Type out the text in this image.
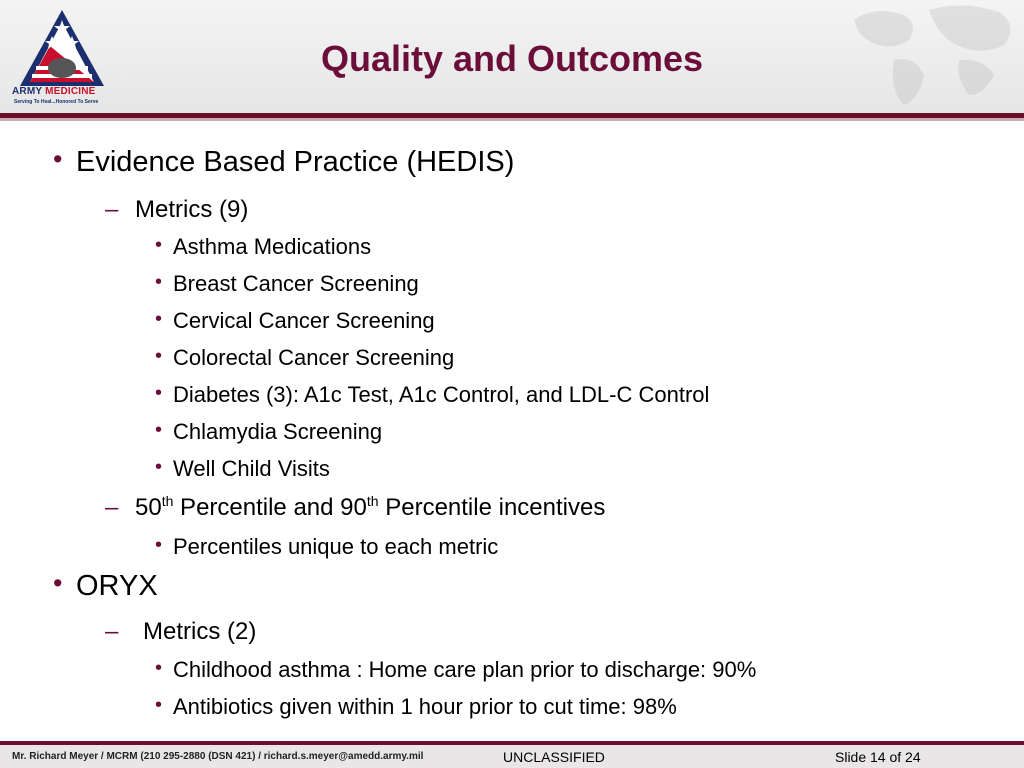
ARMY MEDICINE
Serving To Heal...Honored To Serve
Quality and Outcomes
• Evidence Based Practice (HEDIS)
– Metrics (9)
• Asthma Medications
• Breast Cancer Screening
• Cervical Cancer Screening
• Colorectal Cancer Screening
• Diabetes (3): A1c Test, A1c Control, and LDL-C Control
• Chlamydia Screening
• Well Child Visits
– 50th Percentile and 90th Percentile incentives
• Percentiles unique to each metric
• ORYX
– Metrics (2)
• Childhood asthma : Home care plan prior to discharge: 90%
• Antibiotics given within 1 hour prior to cut time: 98%
Mr. Richard Meyer / MCRM (210 295-2880 (DSN 421) / richard.s.meyer@amedd.army.mil	UNCLASSIFIED	Slide 14 of 24
